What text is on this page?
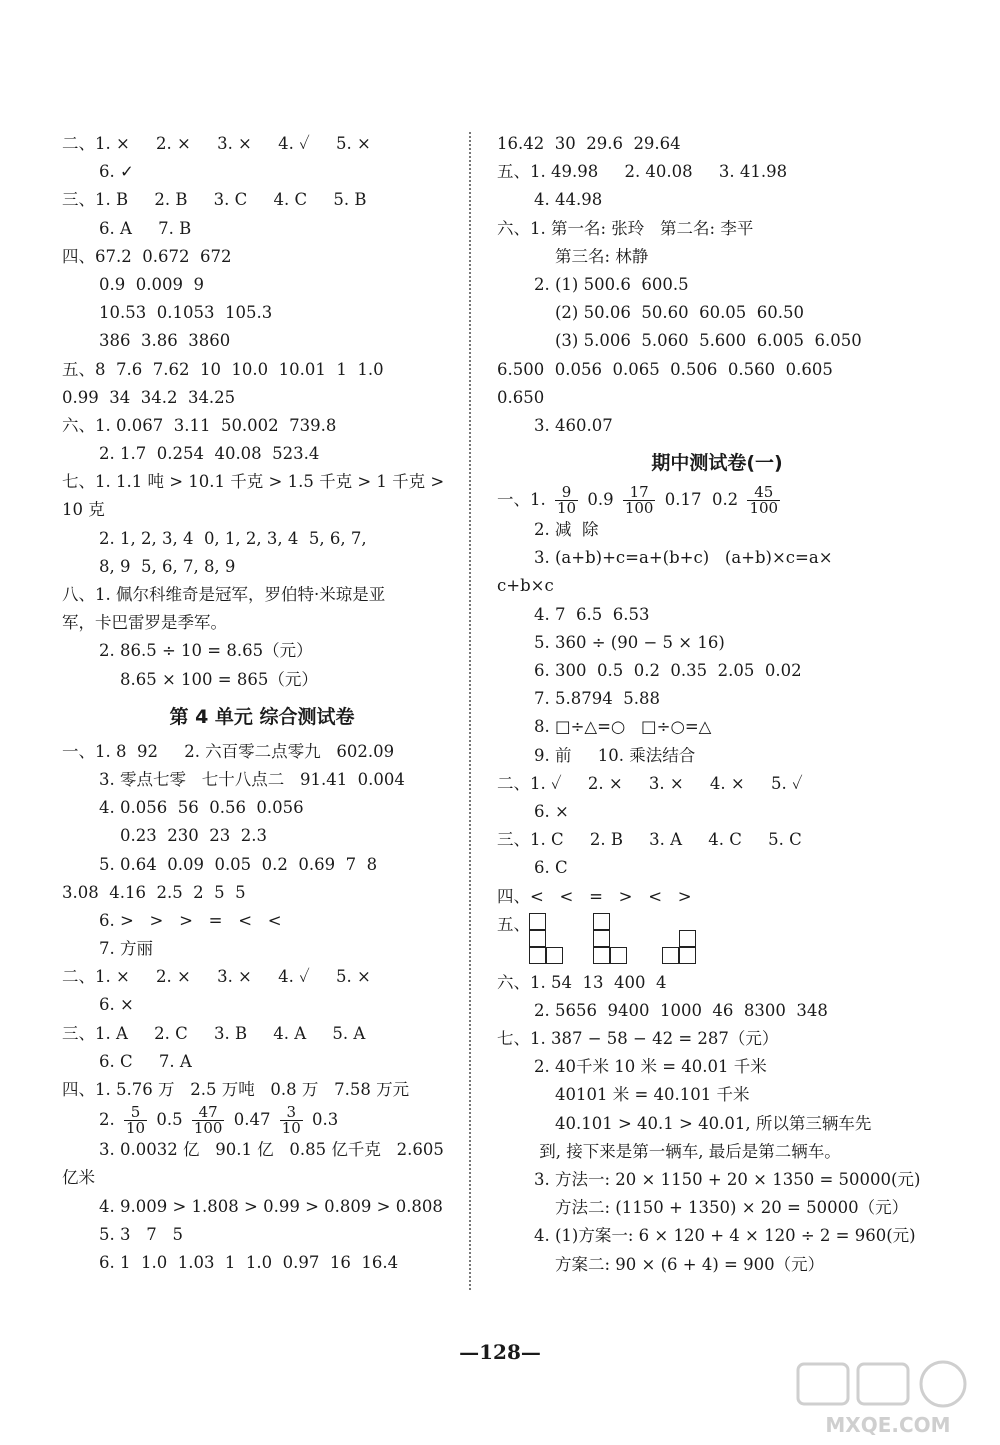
二、1. ×     2. ×     3. ×     4. ✓     5. ×
6. ✓
三、1. B     2. B     3. C     4. C     5. B
6. A     7. B
四、67.2  0.672  672
0.9  0.009  9
10.53  0.1053  105.3
386  3.86  3860
五、8  7.6  7.62  10  10.0  10.01  1  1.0
0.99  34  34.2  34.25
六、1. 0.067  3.11  50.002  739.8
2. 1.7  0.254  40.08  523.4
七、1. 1.1 吨 > 10.1 千克 > 1.5 千克 > 1 千克 >
10 克
2. 1, 2, 3, 4  0, 1, 2, 3, 4  5, 6, 7,
8, 9  5, 6, 7, 8, 9
八、1. 佩尔科维奇是冠军，罗伯特·米琼是亚
军，卡巴雷罗是季军。
2. 86.5 ÷ 10 = 8.65（元）
8.65 × 100 = 865（元）
第 4 单元 综合测试卷
一、1. 8  92     2. 六百零二点零九   602.09
3. 零点七零   七十八点二   91.41  0.004
4. 0.056  56  0.56  0.056
0.23  230  23  2.3
5. 0.64  0.09  0.05  0.2  0.69  7  8
3.08  4.16  2.5  2  5  5
6. >   >   >   =   <   <
7. 方丽
二、1. ×     2. ×     3. ×     4. ✓     5. ×
6. ×
三、1. A     2. C     3. B     4. A     5. A
6. C     7. A
四、1. 5.76 万   2.5 万吨   0.8 万   7.58 万元
2. $\frac{5}{10} 0.5 \frac{47}{100} 0.47 \frac{3}{10} 0.3$
3. 0.0032 亿   90.1 亿   0.85 亿千克   2.605
亿米
4. 9.009 > 1.808 > 0.99 > 0.809 > 0.808
5. 3   7   5
6. 1  1.0  1.03  1  1.0  0.97  16  16.4
16.42  30  29.6  29.64
五、1. 49.98     2. 40.08     3. 41.98
4. 44.98
六、1. 第一名: 张玲   第二名: 李平
第三名: 林静
2. (1) 500.6  600.5
(2) 50.06  50.60  60.05  60.50
(3) 5.006  5.060  5.600  6.005  6.050
6.500  0.056  0.065  0.506  0.560  0.605
0.650
3. 460.07
期中测试卷(一)
一、1. $\frac{9}{10} 0.9 \frac{17}{100} 0.17$  $0.2 \frac{45}{100}$
2. 减  除
3. (a+b)+c=a+(b+c)   (a+b)×c=a×
c+b×c
4. 7  6.5  6.53
5. 360 ÷ (90 − 5 × 16)
6. 300  0.5  0.2  0.35  2.05  0.02
7. 5.8794  5.88
8. □÷△=○   □÷○=△
9. 前     10. 乘法结合
二、1. ✓     2. ×     3. ×     4. ×     5. ✓
6. ×
三、1. C     2. B     3. A     4. C     5. C
6. C
四、<   <   =   >   <   >
五、
六、1. 54  13  400  4
2. 5656  9400  1000  46  8300  348
七、1. 387 − 58 − 42 = 287（元）
2. 40千米 10 米 = 40.01 千米
40101 米 = 40.101 千米
40.101 > 40.1 > 40.01, 所以第三辆车先
到, 接下来是第一辆车, 最后是第二辆车。
3. 方法一: 20 × 1150 + 20 × 1350 = 50000(元)
方法二: (1150 + 1350) × 20 = 50000（元）
4. (1)方案一: 6 × 120 + 4 × 120 ÷ 2 = 960(元)
方案二: 90 × (6 + 4) = 900（元）
—128—
MXQE.COM
